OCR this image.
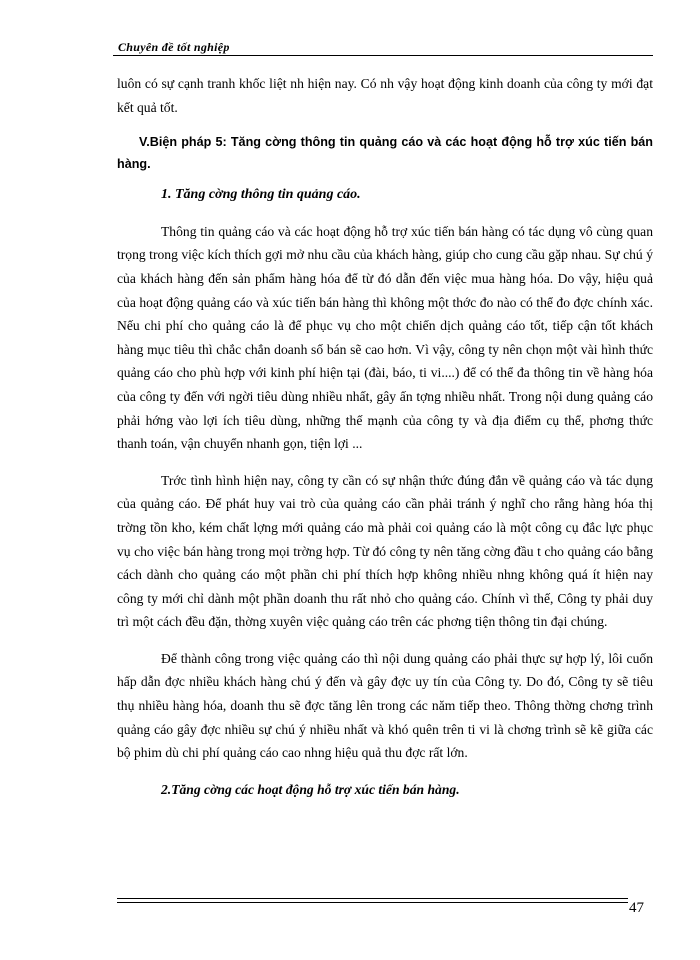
Chuyên đề tốt nghiệp

luôn có sự cạnh tranh khốc liệt nh hiện nay. Có nh vậy hoạt động kinh doanh của công ty mới đạt kết quả tốt.

V.Biện pháp 5: Tăng cờng thông tin quảng cáo và các hoạt động hỗ trợ xúc tiến bán hàng.

1. Tăng cờng thông tin quảng cáo.

Thông tin quảng cáo và các hoạt động hỗ trợ xúc tiến bán hàng có tác dụng vô cùng quan trọng trong việc kích thích gợi mở nhu cầu của khách hàng, giúp cho cung cầu gặp nhau. Sự chú ý của khách hàng đến sản phẩm hàng hóa để từ đó dẫn đến việc mua hàng hóa. Do vậy, hiệu quả của hoạt động quảng cáo và xúc tiến bán hàng thì không một thớc đo nào có thể đo đợc chính xác. Nếu chi phí cho quảng cáo là để phục vụ cho một chiến dịch quảng cáo tốt, tiếp cận tốt khách hàng mục tiêu thì chắc chắn doanh số bán sẽ cao hơn. Vì vậy, công ty nên chọn một vài hình thức quảng cáo cho phù hợp với kinh phí hiện tại (đài, báo, ti vi....) để có thể đa thông tin về hàng hóa của công ty đến với ngời tiêu dùng nhiều nhất, gây ấn tợng nhiều nhất. Trong nội dung quảng cáo phải hớng vào lợi ích tiêu dùng, những thế mạnh của công ty và địa điểm cụ thể, phơng thức thanh toán, vận chuyển nhanh gọn, tiện lợi ...

Trớc tình hình hiện nay, công ty cần có sự nhận thức đúng đắn về quảng cáo và tác dụng của quảng cáo. Để phát huy vai trò của quảng cáo cần phải tránh ý nghĩ cho rằng hàng hóa thị trờng tồn kho, kém chất lợng mới quảng cáo mà phải coi quảng cáo là một công cụ đắc lực phục vụ cho việc bán hàng trong mọi trờng hợp. Từ đó công ty nên tăng cờng đầu t cho quảng cáo bằng cách dành cho quảng cáo một phần chi phí thích hợp không nhiều nhng không quá ít hiện nay công ty mới chỉ dành một phần doanh thu rất nhỏ cho quảng cáo. Chính vì thế, Công ty phải duy trì một cách đều đặn, thờng xuyên việc quảng cáo trên các phơng tiện thông tin đại chúng.

Để thành công trong việc quảng cáo thì nội dung quảng cáo phải thực sự hợp lý, lôi cuốn hấp dẫn đợc nhiều khách hàng chú ý đến và gây đợc uy tín của Công ty. Do đó, Công ty sẽ tiêu thụ nhiều hàng hóa, doanh thu sẽ đợc tăng lên trong các năm tiếp theo. Thông thờng chơng trình quảng cáo gây đợc nhiều sự chú ý nhiều nhất và khó quên trên ti vi là chơng trình sẽ kẽ giữa các bộ phim dù chi phí quảng cáo cao nhng hiệu quả thu đợc rất lớn.

2.Tăng cờng các hoạt động hỗ trợ xúc tiến bán hàng.

47
